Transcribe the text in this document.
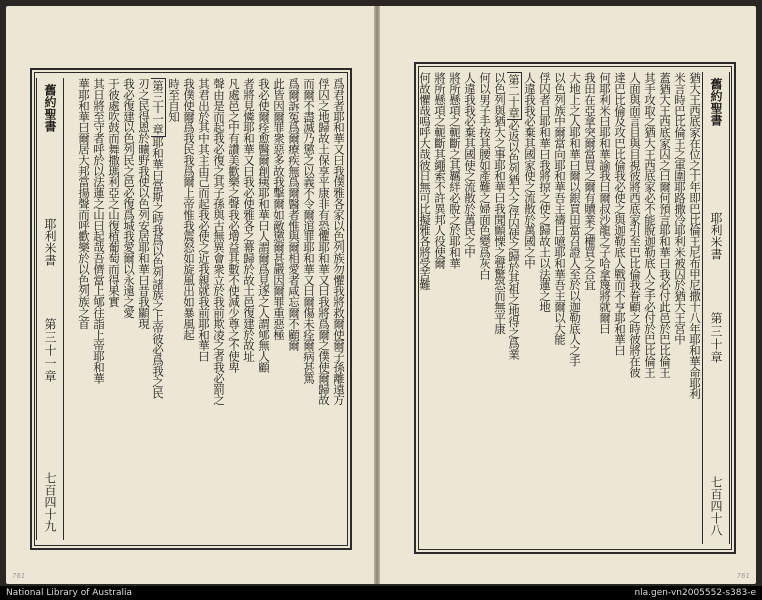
爲君者耶和華又曰我僕雅各家以色列族勿懼我將救爾使爾子孫離遠方
俘囚之地歸故土保享平康非有恐懼耶和華又曰我將爲爾之僕使爾歸故
而爾不盡滅乃懲之以義不令爾逭罪耶和華又曰爾傷未痊爾病甚篤
爲爾訴冤爲爾療疾無爲爾醫者惟與爾相愛者咸忘爾不顧爾
此皆因爾罪衆惡多故我擊爾如敵懲爾甚嚴因爾罪重惡極
我必使爾痊愈醫爾創痍耶和華曰人謂爾爲見逐之人謂郇無人顧
者將見憐耶和華又曰我必使雅各之幕歸於故土邑復建於故址
凡處邑之中有讚美歡樂之聲我必增益其數不使減少尊之不使卑
聲由是而起我必復之其子孫與古無異會衆立於我前欺凌之者我必罰之
其君出於其中其主由己而起我必使之近我親就我前耶和華曰
我僕使爾爲我民我爲爾上帝惟我震怒如旋風出如暴風起
時至自知
第三十一章耶和華曰當斯之時我爲以色列諸族之上帝彼必爲我之民
刃之民得恩於曠野我使以色列安居耶和華曰昔我顯現
我必復建以色列民之邑必復爲城我愛爾以永遠之愛
于彼處吹鼓而舞撒瑪利亞之山復植葡萄而得果實
其日將至守者呼於以法蓮之山曰起哉吾儕當上郇往詣上帝耶和華
華耶和華曰爾居大邦當揚聲而呼歡樂於以色列族之首
舊約聖書
耶利米書
第三十一章
七百四十九
761
舊約聖書
耶利米書
第三十章
七百四十八
猶大王西底家在位之十年即巴比倫王尼布甲尼撒十八年耶和華命耶利
米言時巴比倫王之軍圍耶路撒冷耶利米被囚於猶大王宮中
蓋猶大王西底家囚之曰爾何預言耶和華曰我必付此邑於巴比倫王
其手攻取之猶大王西底家必不能脫迦勒底人之手必付於巴比倫王
人面與面言目與目視彼將西底家引至巴比倫我眷顧之時彼將在彼
達巴比倫及攻巴比倫我必使之與迦勒底人戰而不亨耶和華曰
何耶利米曰耶和華諭我曰爾叔沙龍之子哈拿篾將就爾曰
我田在亞拿突爾當買之爾有贖業之權買之合宜
大地上之人耶和華曰爾以銀買田當召證人至於以迦勒底人之手
以色列族中爾當向耶和華吾主禱曰噫耶和華吾主爾以大能
俘囚者曰耶和華曰我將掠之使之歸故土以法蓮之地
人違我我必棄其國家使之流散於萬國之中
第二十章必返以色列猶大之俘囚使之歸於其祖之地得之爲業
以色列與猶大之事耶和華曰我聞顫慄之聲驚恐而無平康
何以男子手按其腰如產難之婦面色變爲灰白
人違我我必棄其國使之流散於萬民之中
將所懸項之軛斷之其羈絆必脫之於耶和華
將所懸項之軛斷其繩索不許異邦人役使爾
何故懼哉嗚呼大哉彼日無可比擬雅各將受苦難
761
National Library of Australia	nla.gen-vn2005552-s383-e
